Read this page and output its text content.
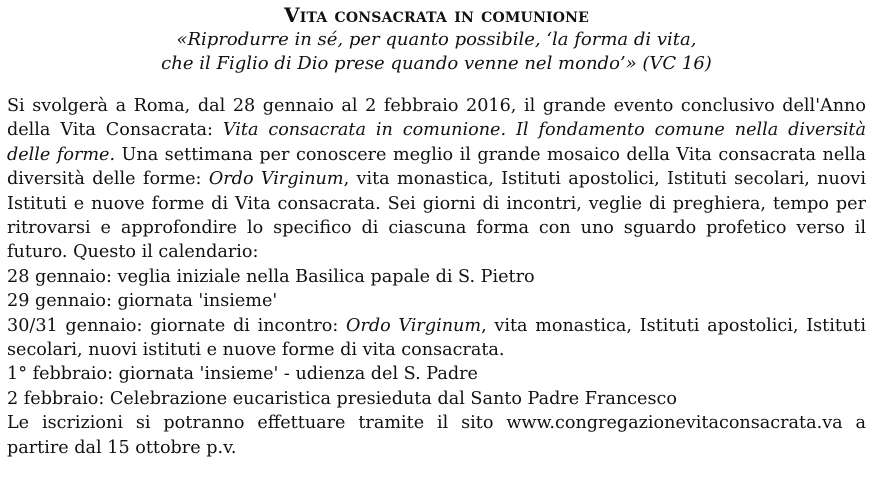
Vita consacrata in comunione

«Riprodurre in sé, per quanto possibile, ‘la forma di vita,

che il Figlio di Dio prese quando venne nel mondo’» (VC 16)

Si svolgerà a Roma, dal 28 gennaio al 2 febbraio 2016, il grande evento conclusivo dell'Anno della Vita Consacrata: Vita consacrata in comunione. Il fondamento comune nella diversità delle forme. Una settimana per conoscere meglio il grande mosaico della Vita consacrata nella diversità delle forme: Ordo Virginum, vita monastica, Istituti apostolici, Istituti secolari, nuovi Istituti e nuove forme di Vita consacrata. Sei giorni di incontri, veglie di preghiera, tempo per ritrovarsi e approfondire lo specifico di ciascuna forma con uno sguardo profetico verso il futuro. Questo il calendario:

28 gennaio: veglia iniziale nella Basilica papale di S. Pietro

29 gennaio: giornata 'insieme'

30/31 gennaio: giornate di incontro: Ordo Virginum, vita monastica, Istituti apostolici, Istituti secolari, nuovi istituti e nuove forme di vita consacrata.

1° febbraio: giornata 'insieme' - udienza del S. Padre

2 febbraio: Celebrazione eucaristica presieduta dal Santo Padre Francesco

Le iscrizioni si potranno effettuare tramite il sito www.congregazionevitaconsacrata.va a partire dal 15 ottobre p.v.
